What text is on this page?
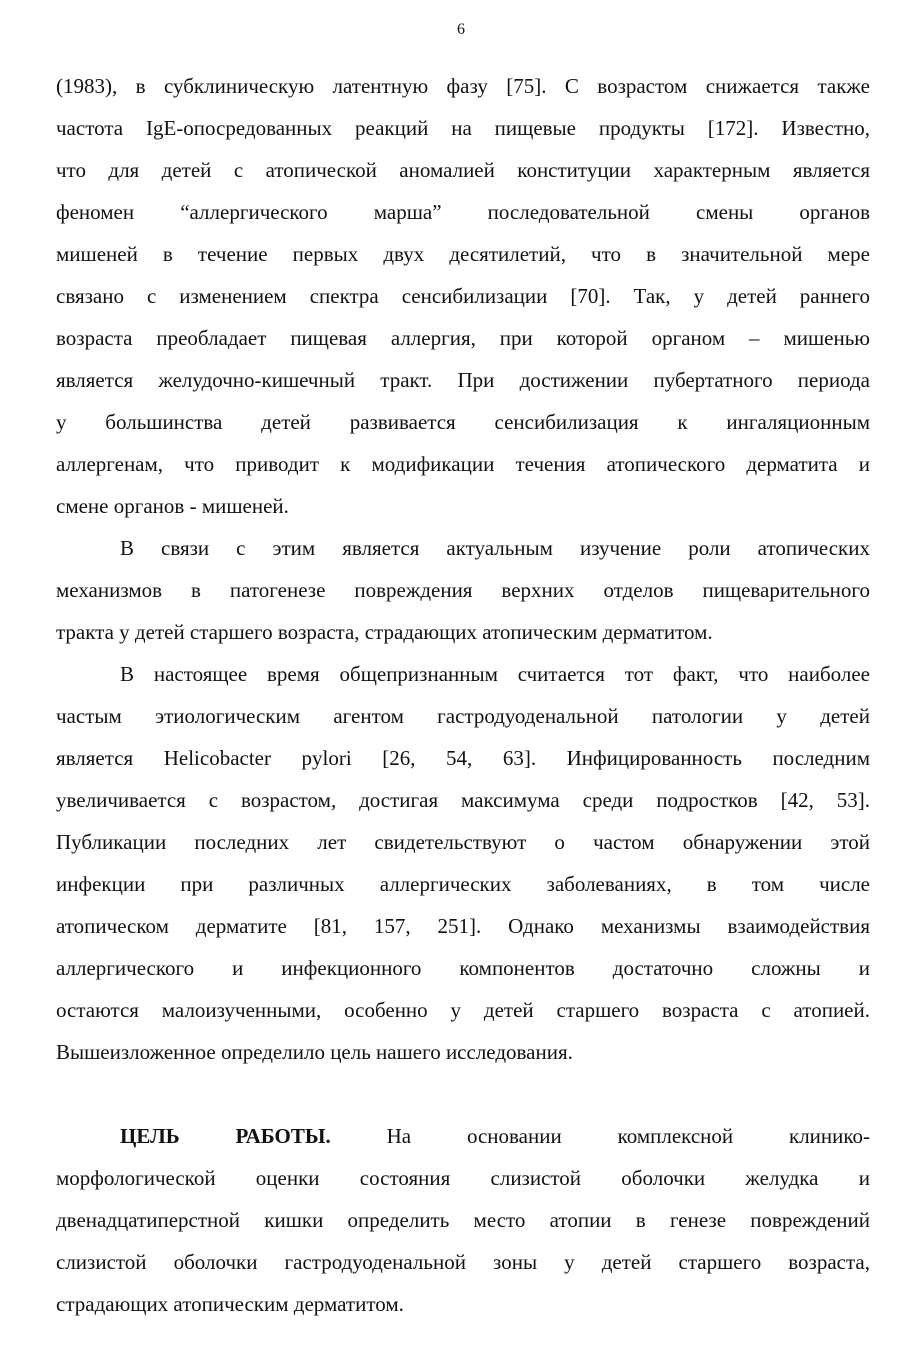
6
(1983), в субклиническую латентную фазу [75]. С возрастом снижается также
частота IgE-опосредованных реакций на пищевые продукты [172]. Известно,
что для детей с атопической аномалией конституции характерным является
феномен “аллергического марша” последовательной смены органов
мишеней в течение первых двух десятилетий, что в значительной мере
связано с изменением спектра сенсибилизации [70]. Так, у детей раннего
возраста преобладает пищевая аллергия, при которой органом – мишенью
является желудочно-кишечный тракт. При достижении пубертатного периода
у большинства детей развивается сенсибилизация к ингаляционным
аллергенам, что приводит к модификации течения атопического дерматита и
смене органов - мишеней.
В связи с этим является актуальным изучение роли атопических
механизмов в патогенезе повреждения верхних отделов пищеварительного
тракта у детей старшего возраста, страдающих атопическим дерматитом.
В настоящее время общепризнанным считается тот факт, что наиболее
частым этиологическим агентом гастродуоденальной патологии у детей
является Helicobacter pylori [26, 54, 63]. Инфицированность последним
увеличивается с возрастом, достигая максимума среди подростков [42, 53].
Публикации последних лет свидетельствуют о частом обнаружении этой
инфекции при различных аллергических заболеваниях, в том числе
атопическом дерматите [81, 157, 251]. Однако механизмы взаимодействия
аллергического и инфекционного компонентов достаточно сложны и
остаются малоизученными, особенно у детей старшего возраста с атопией.
Вышеизложенное определило цель нашего исследования.
ЦЕЛЬ РАБОТЫ.	На основании комплексной клинико-
морфологической оценки состояния слизистой оболочки желудка и
двенадцатиперстной кишки определить место атопии в генезе повреждений
слизистой оболочки гастродуоденальной зоны у детей старшего возраста,
страдающих атопическим дерматитом.
